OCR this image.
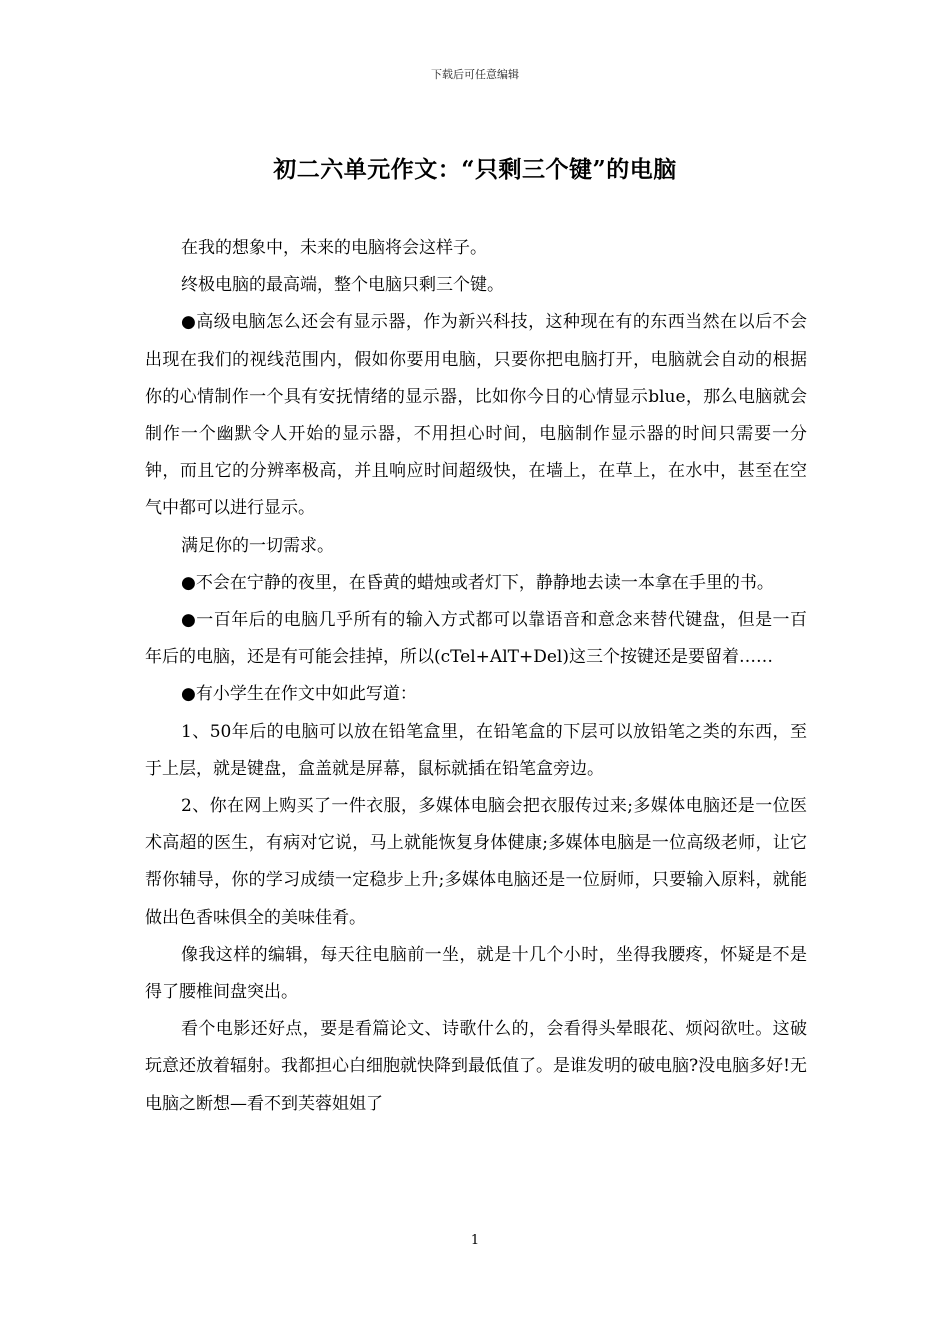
下载后可任意编辑
初二六单元作文：“只剩三个键”的电脑

在我的想象中，未来的电脑将会这样子。

终极电脑的最高端，整个电脑只剩三个键。

●高级电脑怎么还会有显示器，作为新兴科技，这种现在有的东西当然在以后不会出现在我们的视线范围内，假如你要用电脑，只要你把电脑打开，电脑就会自动的根据你的心情制作一个具有安抚情绪的显示器，比如你今日的心情显示blue，那么电脑就会制作一个幽默令人开始的显示器，不用担心时间，电脑制作显示器的时间只需要一分钟，而且它的分辨率极高，并且响应时间超级快，在墙上，在草上，在水中，甚至在空气中都可以进行显示。

满足你的一切需求。

●不会在宁静的夜里，在昏黄的蜡烛或者灯下，静静地去读一本拿在手里的书。

●一百年后的电脑几乎所有的输入方式都可以靠语音和意念来替代键盘，但是一百年后的电脑，还是有可能会挂掉，所以(cTel+AlT+Del)这三个按键还是要留着……

●有小学生在作文中如此写道：

1、50年后的电脑可以放在铅笔盒里，在铅笔盒的下层可以放铅笔之类的东西，至于上层，就是键盘，盒盖就是屏幕，鼠标就插在铅笔盒旁边。

2、你在网上购买了一件衣服，多媒体电脑会把衣服传过来;多媒体电脑还是一位医术高超的医生，有病对它说，马上就能恢复身体健康;多媒体电脑是一位高级老师，让它帮你辅导，你的学习成绩一定稳步上升;多媒体电脑还是一位厨师，只要输入原料，就能做出色香味俱全的美味佳肴。

像我这样的编辑，每天往电脑前一坐，就是十几个小时，坐得我腰疼，怀疑是不是得了腰椎间盘突出。

看个电影还好点，要是看篇论文、诗歌什么的，会看得头晕眼花、烦闷欲吐。这破玩意还放着辐射。我都担心白细胞就快降到最低值了。是谁发明的破电脑?没电脑多好!无电脑之断想—看不到芙蓉姐姐了

1
